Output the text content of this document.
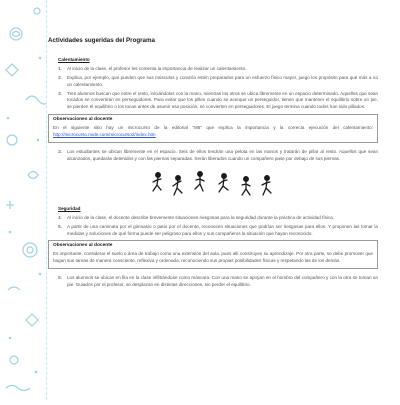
Actividades sugeridas del Programa
Calentamiento
1.	Al inicio de la clase, el profesor les comenta la importancia de realizar un calentamiento.
2.	Explica, por ejemplo, que pueden que sus músculos y corazón estén preparados para un esfuerzo físico mayor, juego los propósito para qué más a no un calentamiento.
3.	Tres alumnos buscan que entre el resto, iniciándolos con la mano, mientras los otros se ubica libremente en un espacio determinado. Aquellos que sean tocados se convertirán en perseguidores. Para evitar que los pillen cuando se acerque un perseguidor, tienen que mantener el equilibrio sobre un pie, se pierden el equilibrio o los tocan antes de asumir esa posición, se convierten en perseguidores. El juego termina cuando todos han sido pillados.
Observaciones al docente
En el siguiente sitio hay un microcurso de la editorial "M5" que explica la importancia y la correcta ejecución del calentamiento: http://microcurso.mide.com/microcurso2/index.htm
3.	Los estudiantes se ubican libremente en el espacio. Seis de ellos tendrán una pelota en las manos y tratarán de pillar al resto. Aquellos que sean alcanzados, quedarán detenidos y con las piernas separadas. Serán liberados cuando un compañero pase por debajo de sus piernas.
Seguridad
4.	Al inicio de la clase, el docente describe brevemente situaciones riesgosas para la seguridad durante la práctica de actividad física.
5.	A partir de una caminata por el gimnasio o patio por el docente, reconocen situaciones que podrían ser riesgosas para ellos. Y proponen las tomar la medidas y soluciones de qué forma puede ser peligroso para ellos y sus compañeros la situación que hayan reconocido.
Observaciones al docente
Es importante, considerar el suelo o área de trabajo como una extensión del aula, pues allí construyen su aprendizaje. Por otra parte, se debe promover que hagan sus tareas de manera consciente, reflexiva y ordenada, reconociendo sus propias posibilidades físicas y respetando las de los demás.
6.	Los alumnos se ubican en fila en la clase infiltrándose como máscara. Con una mano se apoyan en el hombro del compañero y con la otra se toman un pie. Guiados por el profesor, se desplazan en distintas direcciones, sin perder el equilibrio.
